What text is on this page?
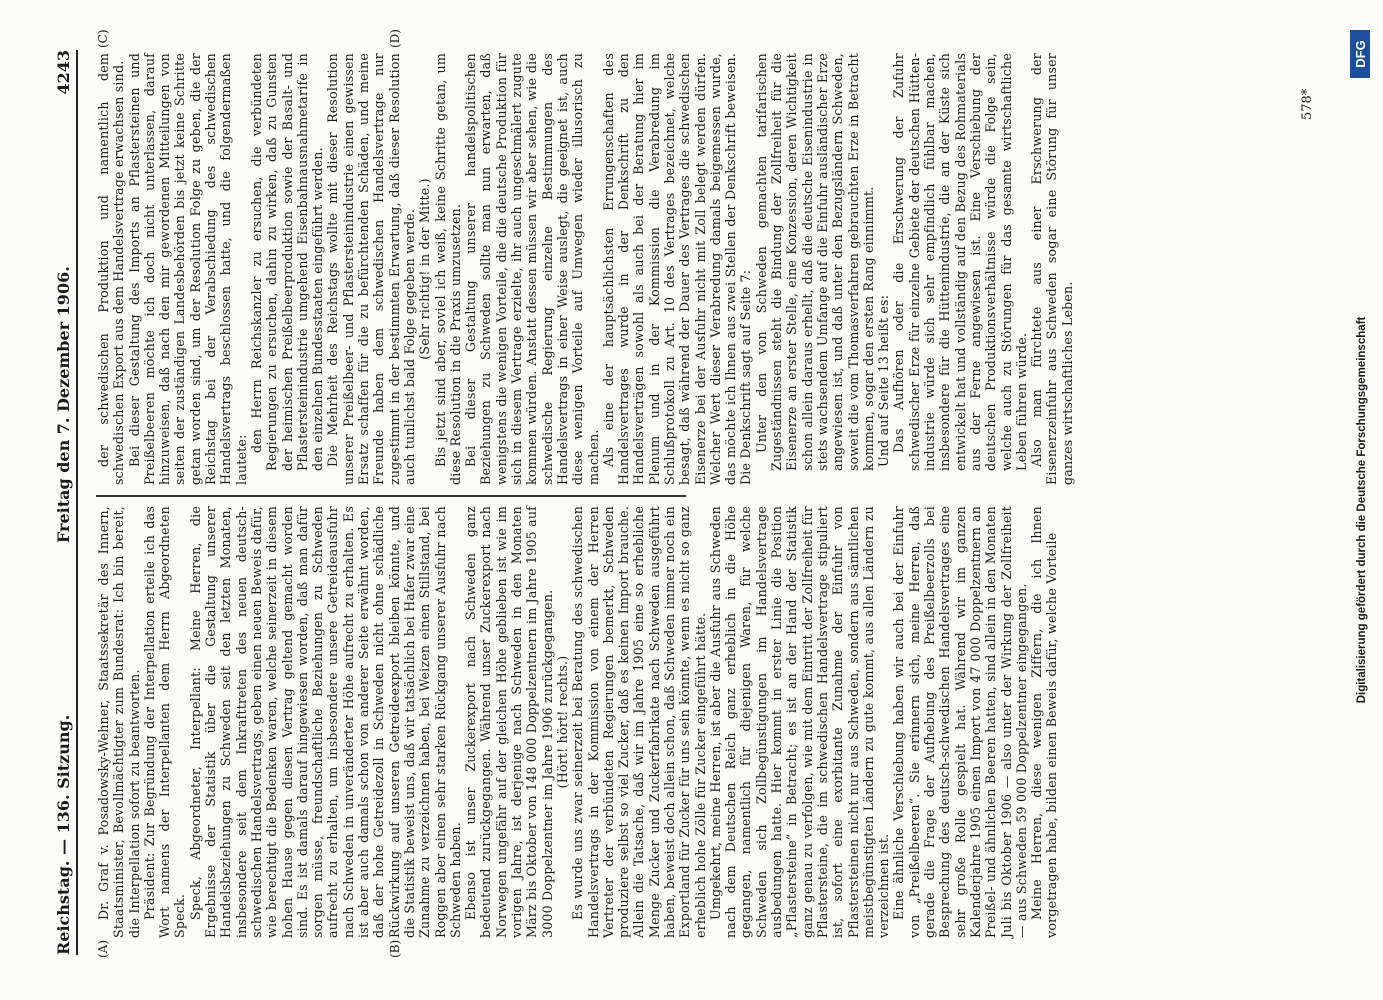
Reichstag. — 136. Sitzung.
Freitag den 7. Dezember 1906.
4243
(A)	(B)
(C)	(D)

Dr. Graf v. Posadowsky-Wehner, Staatssekretär des Innern, Staatsminister, Bevollmächtigter zum Bundesrat: Ich bin bereit, die Interpellation sofort zu beantworten. Präsident: Zur Begründung der Interpellation erteile ich das Wort namens der Interpellanten dem Herrn Abgeordneten Speck. Speck, Abgeordneter, Interpellant: Meine Herren, die Ergebnisse der Statistik über die Gestaltung unserer Handelsbeziehungen zu Schweden seit den letzten Monaten, insbesondere seit dem Inkrafttreten des neuen deutsch-schwedischen Handelsvertrags, geben einen neuen Beweis dafür, wie berechtigt die Bedenken waren, welche seinerzeit in diesem hohen Hause gegen diesen Vertrag geltend gemacht worden sind. Es ist damals darauf hingewiesen worden, daß man dafür sorgen müsse, freundschaftliche Beziehungen zu Schweden aufrecht zu erhalten, um insbesondere unsere Getreideausfuhr nach Schweden in unveränderter Höhe aufrecht zu erhalten. Es ist aber auch damals schon von anderer Seite erwähnt worden, daß der hohe Getreidezoll in Schweden nicht ohne schädliche Rückwirkung auf unseren Getreideexport bleiben könnte, und die Statistik beweist uns, daß wir tatsächlich bei Hafer zwar eine Zunahme zu verzeichnen haben, bei Weizen einen Stillstand, bei Roggen aber einen sehr starken Rückgang unserer Ausfuhr nach Schweden haben. Ebenso ist unser Zuckerexport nach Schweden ganz bedeutend zurückgegangen. Während unser Zuckerexport nach Norwegen ungefähr auf der gleichen Höhe geblieben ist wie im vorigen Jahre, ist derjenige nach Schweden in den Monaten März bis Oktober von 148 000 Doppelzentnern im Jahre 1905 auf 3000 Doppelzentner im Jahre 1906 zurückgegangen. (Hört! hört! rechts.) Es wurde uns zwar seinerzeit bei Beratung des schwedischen Handelsvertrags in der Kommission von einem der Herren Vertreter der verbündeten Regierungen bemerkt, Schweden produziere selbst so viel Zucker, daß es keinen Import brauche. Allein die Tatsache, daß wir im Jahre 1905 eine so erhebliche Menge Zucker und Zuckerfabrikate nach Schweden ausgeführt haben, beweist doch allein schon, daß Schweden immer noch ein Exportland für Zucker für uns sein könnte, wenn es nicht so ganz erheblich hohe Zölle für Zucker eingeführt hätte. Umgekehrt, meine Herren, ist aber die Ausfuhr aus Schweden nach dem Deutschen Reich ganz erheblich in die Höhe gegangen, namentlich für diejenigen Waren, für welche Schweden sich Zollbegünstigungen im Handelsvertrage ausbedungen hatte. Hier kommt in erster Linie die Position „Pflastersteine“ in Betracht; es ist an der Hand der Statistik ganz genau zu verfolgen, wie mit dem Eintritt der Zollfreiheit für Pflastersteine, die im schwedischen Handelsvertrage stipuliert ist, sofort eine exorbitante Zunahme der Einfuhr von Pflastersteinen nicht nur aus Schweden, sondern aus sämtlichen meistbegünstigten Ländern zu gute kommt, aus allen Ländern zu verzeichnen ist. Eine ähnliche Verschiebung haben wir auch bei der Einfuhr von „Preißelbeeren“. Sie erinnern sich, meine Herren, daß gerade die Frage der Aufhebung des Preißelbeerzolls bei Besprechung des deutsch-schwedischen Handelsvertrages eine sehr große Rolle gespielt hat. Während wir im ganzen Kalenderjahre 1905 einen Import von 47 000 Doppelzentnern an Preißel- und ähnlichen Beeren hatten, sind allein in den Monaten Juli bis Oktober 1906 — also unter der Wirkung der Zollfreiheit — aus Schweden 59 000 Doppelzentner eingegangen. Meine Herren, diese wenigen Ziffern, die ich Ihnen vorgetragen habe, bilden einen Beweis dafür, welche Vorteile

der schwedischen Produktion und namentlich dem schwedischen Export aus dem Handelsvertrage erwachsen sind. Bei dieser Gestaltung des Imports an Pflastersteinen und Preißelbeeren möchte ich doch nicht unterlassen, darauf hinzuweisen, daß nach den mir gewordenen Mitteilungen von seiten der zuständigen Landesbehörden bis jetzt keine Schritte getan worden sind, um der Resolution Folge zu geben, die der Reichstag bei der Verabschiedung des schwedischen Handelsvertrags beschlossen hatte, und die folgendermaßen lautete:

den Herrn Reichskanzler zu ersuchen, die verbündeten Regierungen zu ersuchen, dahin zu wirken, daß zu Gunsten der heimischen Preißelbeerproduktion sowie der Basalt- und Pflastersteinindustrie umgehend Eisenbahnausnahmetarife in den einzelnen Bundesstaaten eingeführt werden. Die Mehrheit des Reichstags wollte mit dieser Resolution unserer Preißelbeer- und Pflastersteinindustrie einen gewissen Ersatz schaffen für die zu befürchtenden Schäden, und meine Freunde haben dem schwedischen Handelsvertrage nur zugestimmt in der bestimmten Erwartung, daß dieser Resolution auch tunlichst bald Folge gegeben werde. (Sehr richtig! in der Mitte.) Bis jetzt sind aber, soviel ich weiß, keine Schritte getan, um diese Resolution in die Praxis umzusetzen. Bei dieser Gestaltung unserer handelspolitischen Beziehungen zu Schweden sollte man nun erwarten, daß wenigstens die wenigen Vorteile, die die deutsche Produktion für sich in diesem Vertrage erzielte, ihr auch ungeschmälert zugute kommen würden. Anstatt dessen müssen wir aber sehen, wie die schwedische Regierung einzelne Bestimmungen des Handelsvertrags in einer Weise auslegt, die geeignet ist, auch diese wenigen Vorteile auf Umwegen wieder illusorisch zu machen. Als eine der hauptsächlichsten Errungenschaften des Handelsvertrages wurde in der Denkschrift zu den Handelsverträgen sowohl als auch bei der Beratung hier im Plenum und in der Kommission die Verabredung im Schlußprotokoll zu Art. 10 des Vertrages bezeichnet, welche besagt, daß während der Dauer des Vertrages die schwedischen Eisenerze bei der Ausfuhr nicht mit Zoll belegt werden dürfen. Welcher Wert dieser Verabredung damals beigemessen wurde, das möchte ich Ihnen aus zwei Stellen der Denkschrift beweisen. Die Denkschrift sagt auf Seite 7: Unter den von Schweden gemachten tarifarischen Zugeständnissen steht die Bindung der Zollfreiheit für die Eisenerze an erster Stelle, eine Konzession, deren Wichtigkeit schon allein daraus erhellt, daß die deutsche Eisenindustrie in stets wachsendem Umfange auf die Einfuhr ausländischer Erze angewiesen ist, und daß unter den Bezugsländern Schweden, soweit die vom Thomasverfahren gebrauchten Erze in Betracht kommen, sogar den ersten Rang einnimmt. Und auf Seite 13 heißt es: Das Aufhören oder die Erschwerung der Zufuhr schwedischer Erze für einzelne Gebiete der deutschen Hüttenindustrie würde sich sehr empfindlich fühlbar machen, insbesondere für die Hüttenindustrie, die an der Küste sich entwickelt hat und vollständig auf den Bezug des Rohmaterials aus der Ferne angewiesen ist. Eine Verschiebung der deutschen Produktionsverhältnisse würde die Folge sein, welche auch zu Störungen für das gesamte wirtschaftliche Leben führen würde. Also man fürchtete aus einer Erschwerung der Eisenerzeinfuhr aus Schweden sogar eine Störung für unser ganzes wirtschaftliches Leben.

578*
Digitalisierung gefördert durch die Deutsche Forschungsgemeinschaft
DFG
